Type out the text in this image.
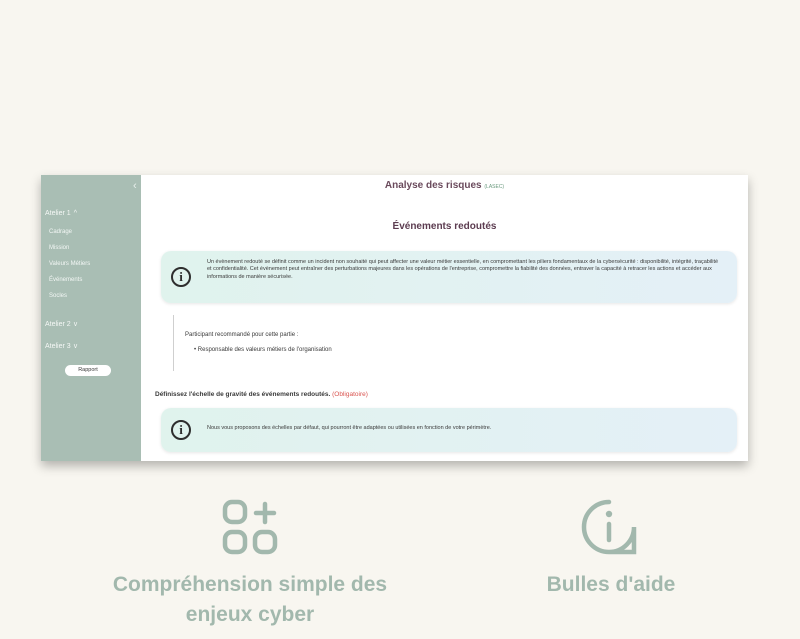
‹
Atelier 1 ^
Cadrage
Mission
Valeurs Métiers
Événements
Socles
Atelier 2 v
Atelier 3 v
Rapport
Analyse des risques (LASEC)
Événements redoutés
i
Un évènement redouté se définit comme un incident non souhaité qui peut affecter une valeur métier essentielle, en compromettant les piliers fondamentaux de la cybersécurité : disponibilité, intégrité, traçabilité et confidentialité. Cet évènement peut entraîner des perturbations majeures dans les opérations de l'entreprise, compromettre la fiabilité des données, entraver la capacité à retracer les actions et accéder aux informations de manière sécurisée.
Participant recommandé pour cette partie :
• Responsable des valeurs métiers de l'organisation
Définissez l'échelle de gravité des événements redoutés. (Obligatoire)
i	Nous vous proposons des échelles par défaut, qui pourront être adaptées ou utilisées en fonction de votre périmètre.
Compréhension simple des enjeux cyber
Bulles d'aide
